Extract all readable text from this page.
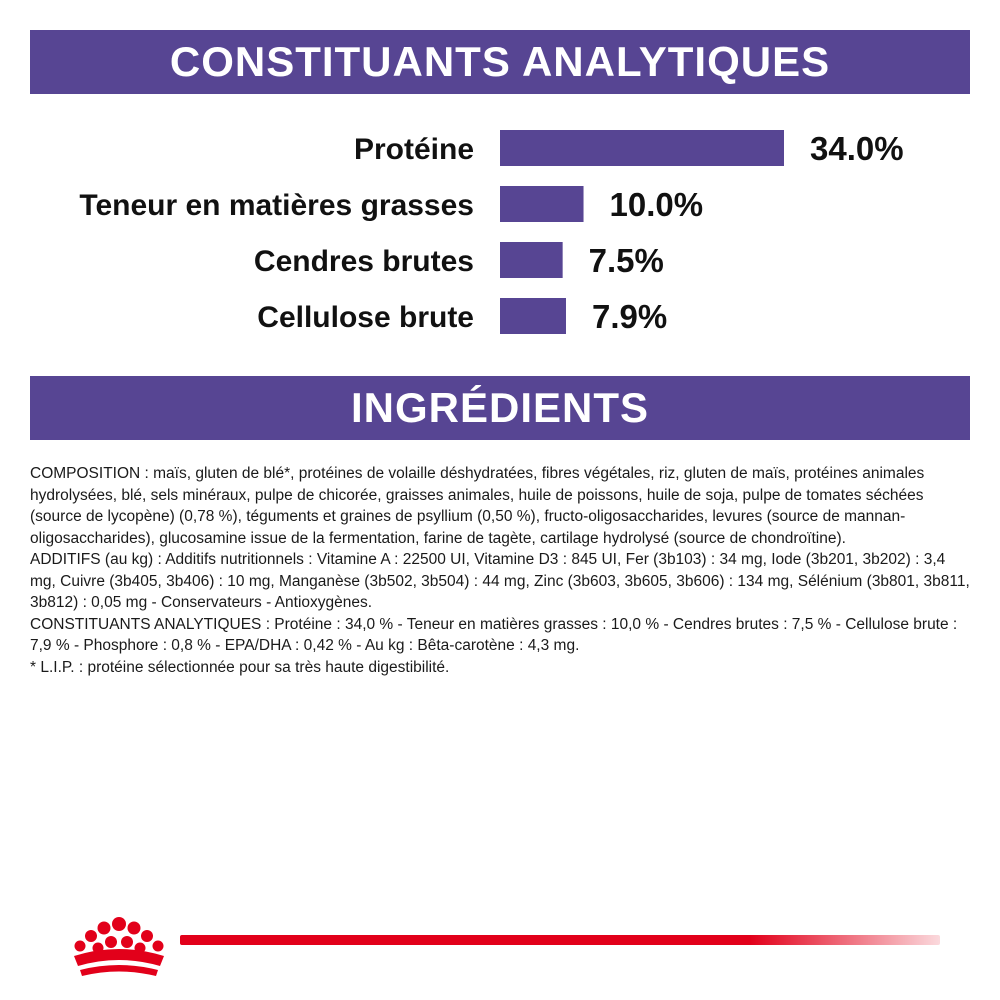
CONSTITUANTS ANALYTIQUES
Protéine	34.0%
Teneur en matières grasses	10.0%
Cendres brutes	7.5%
Cellulose brute	7.9%
INGRÉDIENTS

COMPOSITION : maïs, gluten de blé*, protéines de volaille déshydratées, fibres végétales, riz, gluten de maïs, protéines animales hydrolysées, blé, sels minéraux, pulpe de chicorée, graisses animales, huile de poissons, huile de soja, pulpe de tomates séchées (source de lycopène) (0,78 %), téguments et graines de psyllium (0,50 %), fructo-oligosaccharides, levures (source de mannan-oligosaccharides), glucosamine issue de la fermentation, farine de tagète, cartilage hydrolysé (source de chondroïtine).

ADDITIFS (au kg) : Additifs nutritionnels : Vitamine A : 22500 UI, Vitamine D3 : 845 UI, Fer (3b103) : 34 mg, Iode (3b201, 3b202) : 3,4 mg, Cuivre (3b405, 3b406) : 10 mg, Manganèse (3b502, 3b504) : 44 mg, Zinc (3b603, 3b605, 3b606) : 134 mg, Sélénium (3b801, 3b811, 3b812) : 0,05 mg - Conservateurs - Antioxygènes.

CONSTITUANTS ANALYTIQUES : Protéine : 34,0 % - Teneur en matières grasses : 10,0 % - Cendres brutes : 7,5 % - Cellulose brute : 7,9 % - Phosphore : 0,8 % - EPA/DHA : 0,42 % - Au kg : Bêta-carotène : 4,3 mg.

* L.I.P. : protéine sélectionnée pour sa très haute digestibilité.
